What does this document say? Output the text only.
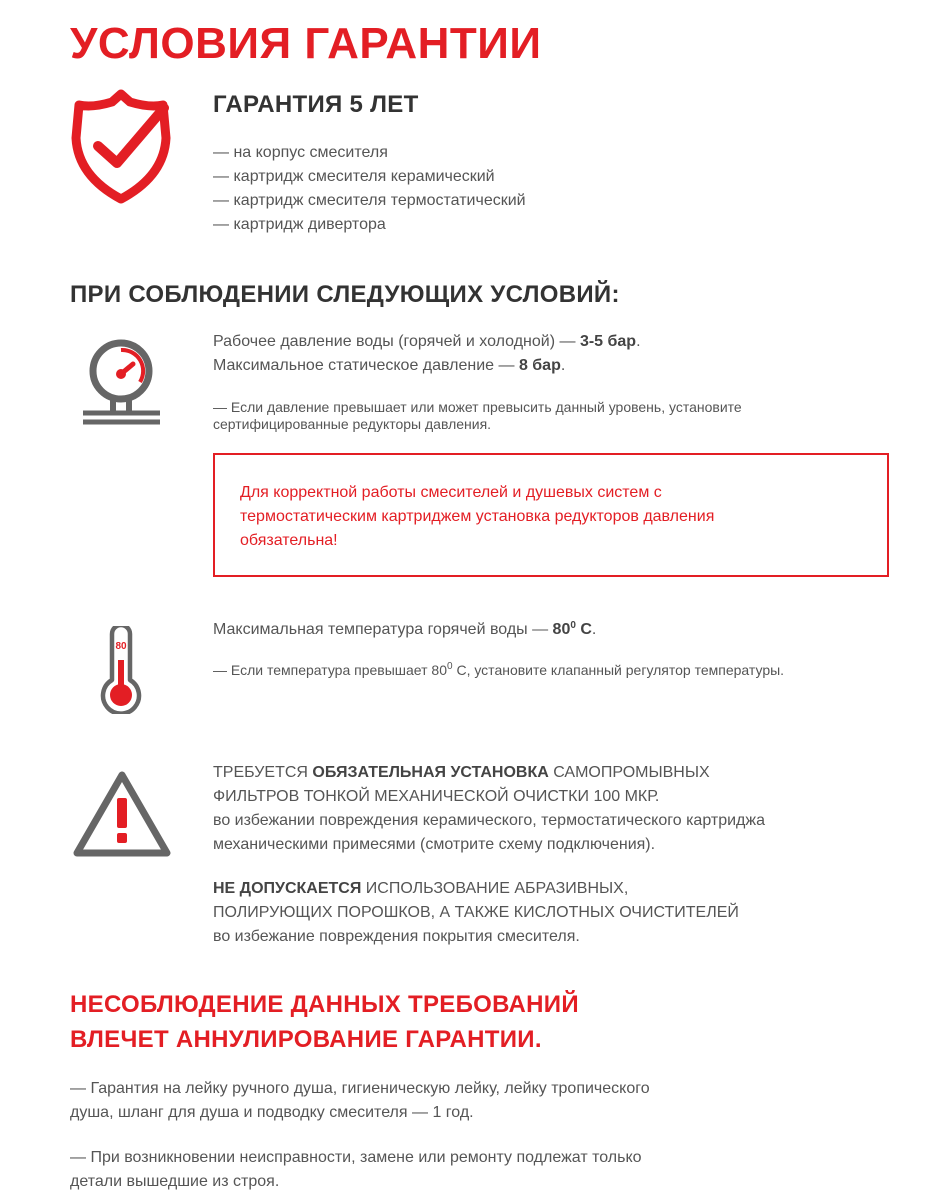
УСЛОВИЯ ГАРАНТИИ
ГАРАНТИЯ 5 ЛЕТ
— на корпус смесителя
— картридж смесителя керамический
— картридж смесителя термостатический
— картридж дивертора
ПРИ СОБЛЮДЕНИИ СЛЕДУЮЩИХ УСЛОВИЙ:
Рабочее давление воды (горячей и холодной) — 3-5 бар.
Максимальное статическое давление — 8 бар.
— Если давление превышает или может превысить данный уровень, установите
сертифицированные редукторы давления.
Для корректной работы смесителей и душевых систем с
термостатическим картриджем установка редукторов давления
обязательна!
80
Максимальная температура горячей воды — $80^0$ С.
— Если температура превышает $80^0$ С, установите клапанный регулятор температуры.
ТРЕБУЕТСЯ ОБЯЗАТЕЛЬНАЯ УСТАНОВКА САМОПРОМЫВНЫХ
ФИЛЬТРОВ ТОНКОЙ МЕХАНИЧЕСКОЙ ОЧИСТКИ 100 МКР.
во избежании повреждения керамического, термостатического картриджа
механическими примесями (смотрите схему подключения).
НЕ ДОПУСКАЕТСЯ ИСПОЛЬЗОВАНИЕ АБРАЗИВНЫХ,
ПОЛИРУЮЩИХ ПОРОШКОВ, А ТАКЖЕ КИСЛОТНЫХ ОЧИСТИТЕЛЕЙ
во избежание повреждения покрытия смесителя.
НЕСОБЛЮДЕНИЕ ДАННЫХ ТРЕБОВАНИЙ
ВЛЕЧЕТ АННУЛИРОВАНИЕ ГАРАНТИИ.
— Гарантия на лейку ручного душа, гигиеническую лейку, лейку тропического
душа, шланг для душа и подводку смесителя — 1 год.
— При возникновении неисправности, замене или ремонту подлежат только
детали вышедшие из строя.
